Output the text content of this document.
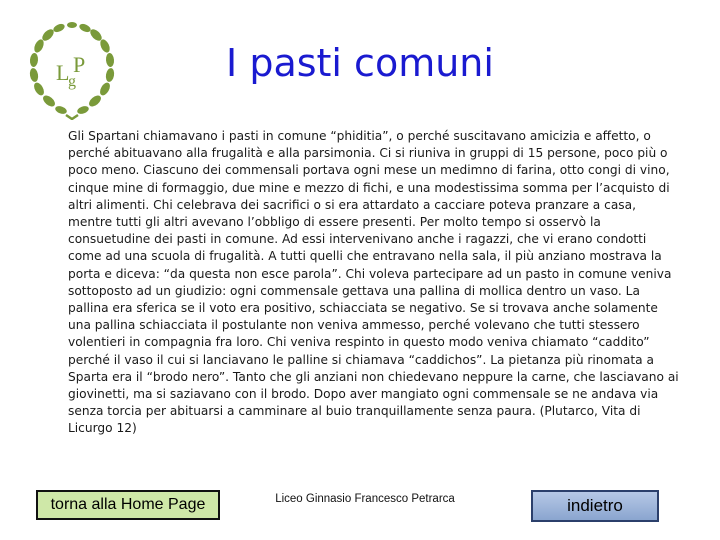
L P
g	I pasti comuni
Gli Spartani chiamavano i pasti in comune “phiditia”, o perché suscitavano amicizia e affetto, o perché abituavano alla frugalità e alla parsimonia. Ci si riuniva in gruppi di 15 persone, poco più o poco meno. Ciascuno dei commensali portava ogni mese un medimno di farina, otto congi di vino, cinque mine di formaggio, due mine e mezzo di fichi, e una modestissima somma per l’acquisto di altri alimenti. Chi celebrava dei sacrifici o si era attardato a cacciare poteva pranzare a casa, mentre tutti gli altri avevano l’obbligo di essere presenti. Per molto tempo si osservò la consuetudine dei pasti in comune. Ad essi intervenivano anche i ragazzi, che vi erano condotti come ad una scuola di frugalità. A tutti quelli che entravano nella sala, il più anziano mostrava la porta e diceva: “da questa non esce parola”. Chi voleva partecipare ad un pasto in comune veniva sottoposto ad un giudizio: ogni commensale gettava una pallina di mollica dentro un vaso. La pallina era sferica se il voto era positivo, schiacciata se negativo. Se si trovava anche solamente una pallina schiacciata il postulante non veniva ammesso, perché volevano che tutti stessero volentieri in compagnia fra loro. Chi veniva respinto in questo modo veniva chiamato “caddito” perché il vaso il cui si lanciavano le palline si chiamava “caddichos”. La pietanza più rinomata a Sparta era il “brodo nero”. Tanto che gli anziani non chiedevano neppure la carne, che lasciavano ai giovinetti, ma si saziavano con il brodo. Dopo aver mangiato ogni commensale se ne andava via senza torcia per abituarsi a camminare al buio tranquillamente senza paura. (Plutarco, Vita di Licurgo 12)
torna alla Home Page	Liceo Ginnasio Francesco Petrarca	indietro
